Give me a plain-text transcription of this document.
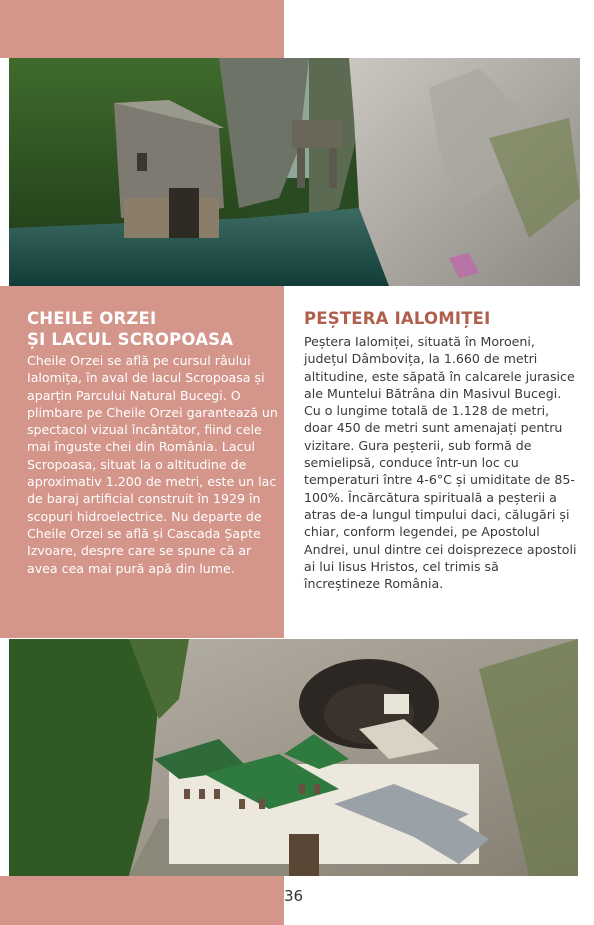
CHEILE ORZEI
ȘI LACUL SCROPOASA

Cheile Orzei se află pe cursul râului Ialomița, în aval de lacul Scropoasa și aparțin Parcului Natural Bucegi. O plimbare pe Cheile Orzei garantează un spectacol vizual încântător, fiind cele mai înguste chei din România. Lacul Scropoasa, situat la o altitudine de aproximativ 1.200 de metri, este un lac de baraj artificial construit în 1929 în scopuri hidroelectrice. Nu departe de Cheile Orzei se află și Cascada Șapte Izvoare, despre care se spune că ar avea cea mai pură apă din lume.

PEȘTERA IALOMIȚEI

Peștera Ialomiței, situată în Moroeni, județul Dâmbovița, la 1.660 de metri altitudine, este săpată în calcarele jurasice ale Muntelui Bătrâna din Masivul Bucegi. Cu o lungime totală de 1.128 de metri, doar 450 de metri sunt amenajați pentru vizitare. Gura peșterii, sub formă de semielipsă, conduce într-un loc cu temperaturi între 4-6°C și umiditate de 85-100%. Încărcătura spirituală a peșterii a atras de-a lungul timpului daci, călugări și chiar, conform legendei, pe Apostolul Andrei, unul dintre cei doisprezece apostoli ai lui Iisus Hristos, cel trimis să încreștineze România.

36
